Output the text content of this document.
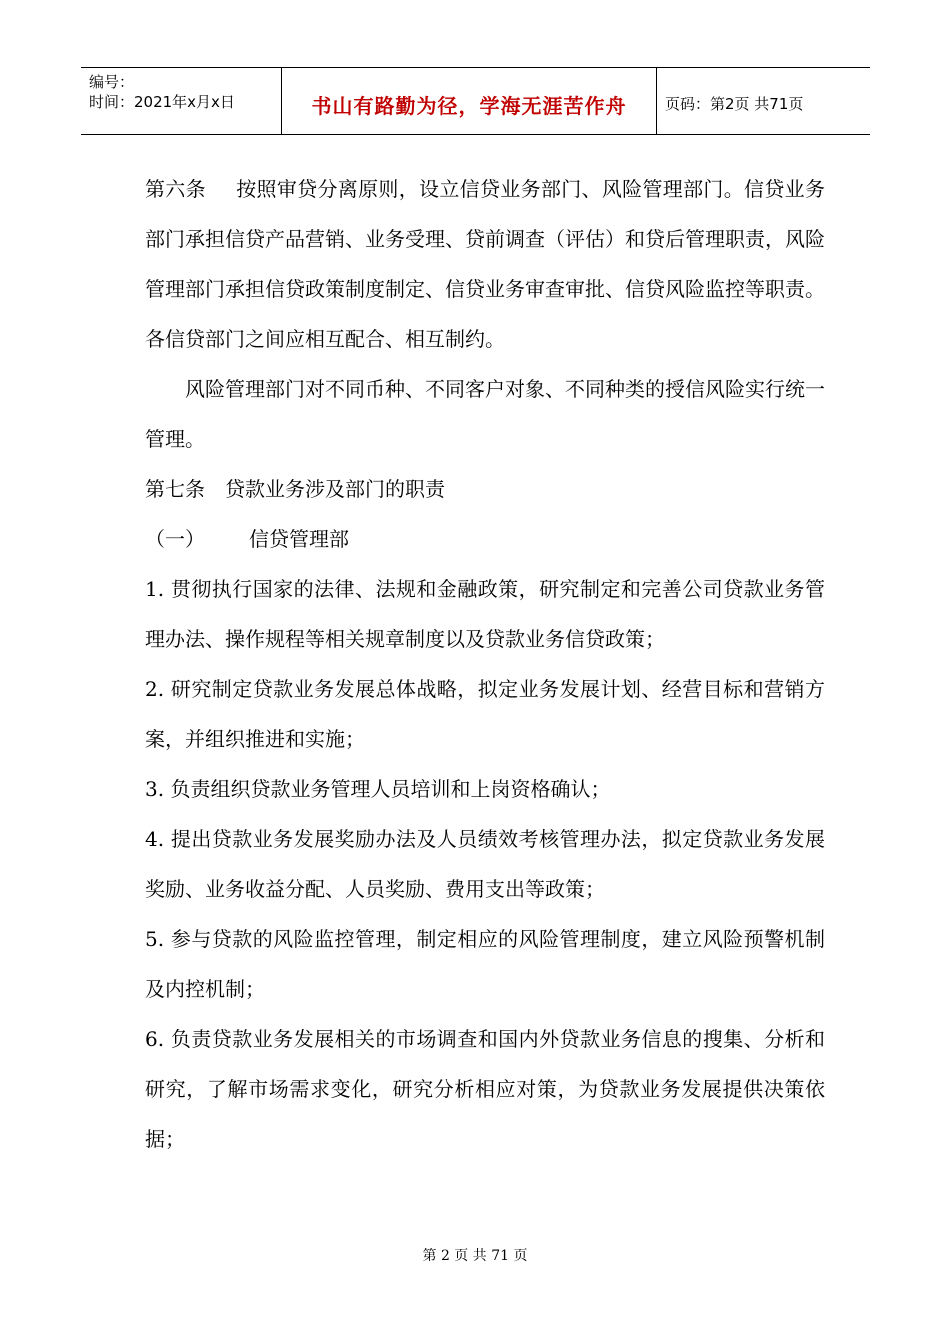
编号：
时间：2021年x月x日	书山有路勤为径，学海无涯苦作舟	页码：第2页 共71页

第六条 按照审贷分离原则，设立信贷业务部门、风险管理部门。信贷业务部门承担信贷产品营销、业务受理、贷前调查（评估）和贷后管理职责，风险管理部门承担信贷政策制度制定、信贷业务审查审批、信贷风险监控等职责。各信贷部门之间应相互配合、相互制约。

风险管理部门对不同币种、不同客户对象、不同种类的授信风险实行统一管理。

第七条 贷款业务涉及部门的职责

（一） 信贷管理部

1. 贯彻执行国家的法律、法规和金融政策，研究制定和完善公司贷款业务管理办法、操作规程等相关规章制度以及贷款业务信贷政策；

2. 研究制定贷款业务发展总体战略，拟定业务发展计划、经营目标和营销方案，并组织推进和实施；

3. 负责组织贷款业务管理人员培训和上岗资格确认；

4. 提出贷款业务发展奖励办法及人员绩效考核管理办法，拟定贷款业务发展奖励、业务收益分配、人员奖励、费用支出等政策；

5. 参与贷款的风险监控管理，制定相应的风险管理制度，建立风险预警机制及内控机制；

6. 负责贷款业务发展相关的市场调查和国内外贷款业务信息的搜集、分析和研究，了解市场需求变化，研究分析相应对策，为贷款业务发展提供决策依据；

第 2 页 共 71 页
